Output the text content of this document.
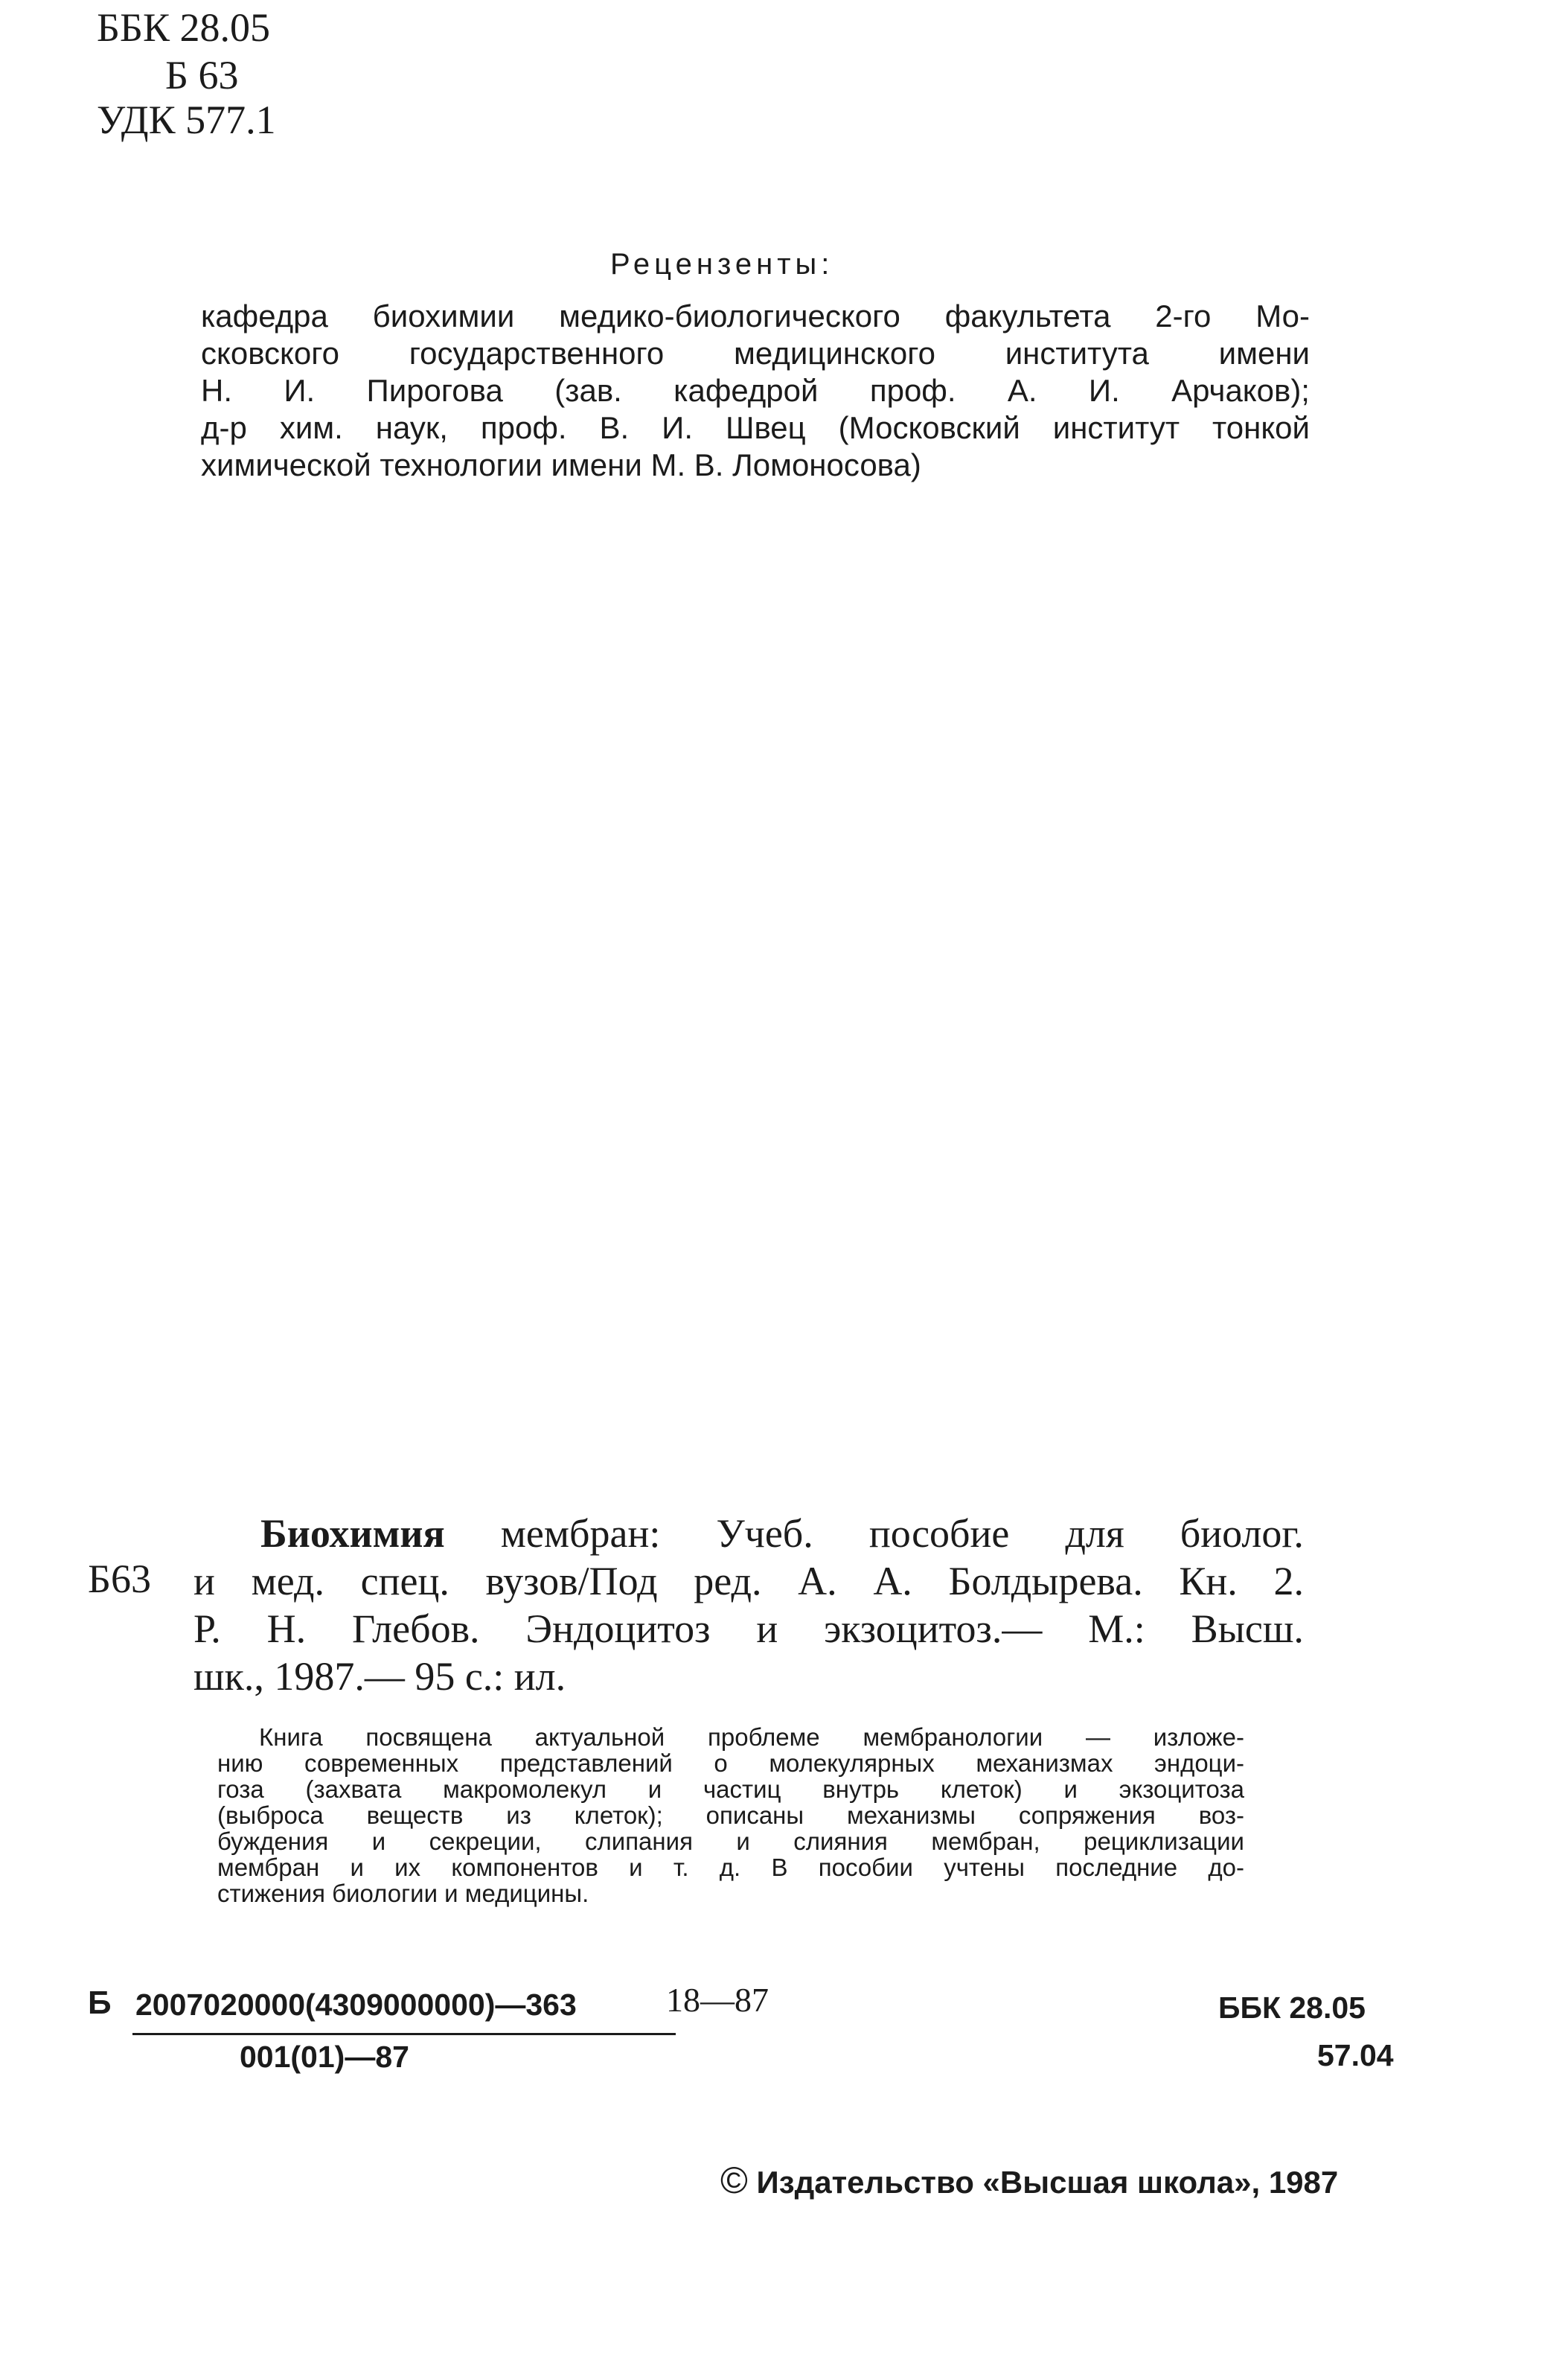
ББК 28.05
Б 63
УДК 577.1
Рецензенты:
кафедра биохимии медико-биологического факультета 2-го Мо-
сковского государственного медицинского института имени
Н. И. Пирогова (зав. кафедрой проф. А. И. Арчаков);
д-р хим. наук, проф. В. И. Швец (Московский институт тонкой
химической технологии имени М. В. Ломоносова)
Б63
Биохимия мембран: Учеб. пособие для биолог.
и мед. спец. вузов/Под ред. А. А. Болдырева. Кн. 2.
Р. Н. Глебов. Эндоцитоз и экзоцитоз.— М.: Высш.
шк., 1987.— 95 с.: ил.
Книга посвящена актуальной проблеме мембранологии — изложе-
нию современных представлений о молекулярных механизмах эндоци-
гоза (захвата макромолекул и частиц внутрь клеток) и экзоцитоза
(выброса веществ из клеток); описаны механизмы сопряжения воз-
буждения и секреции, слипания и слияния мембран, рециклизации
мембран и их компонентов и т. д. В пособии учтены последние до-
стижения биологии и медицины.
Б 2007020000(4309000000)—363
001(01)—87
18—87	ББК 28.05
57.04
© Издательство «Высшая школа», 1987
